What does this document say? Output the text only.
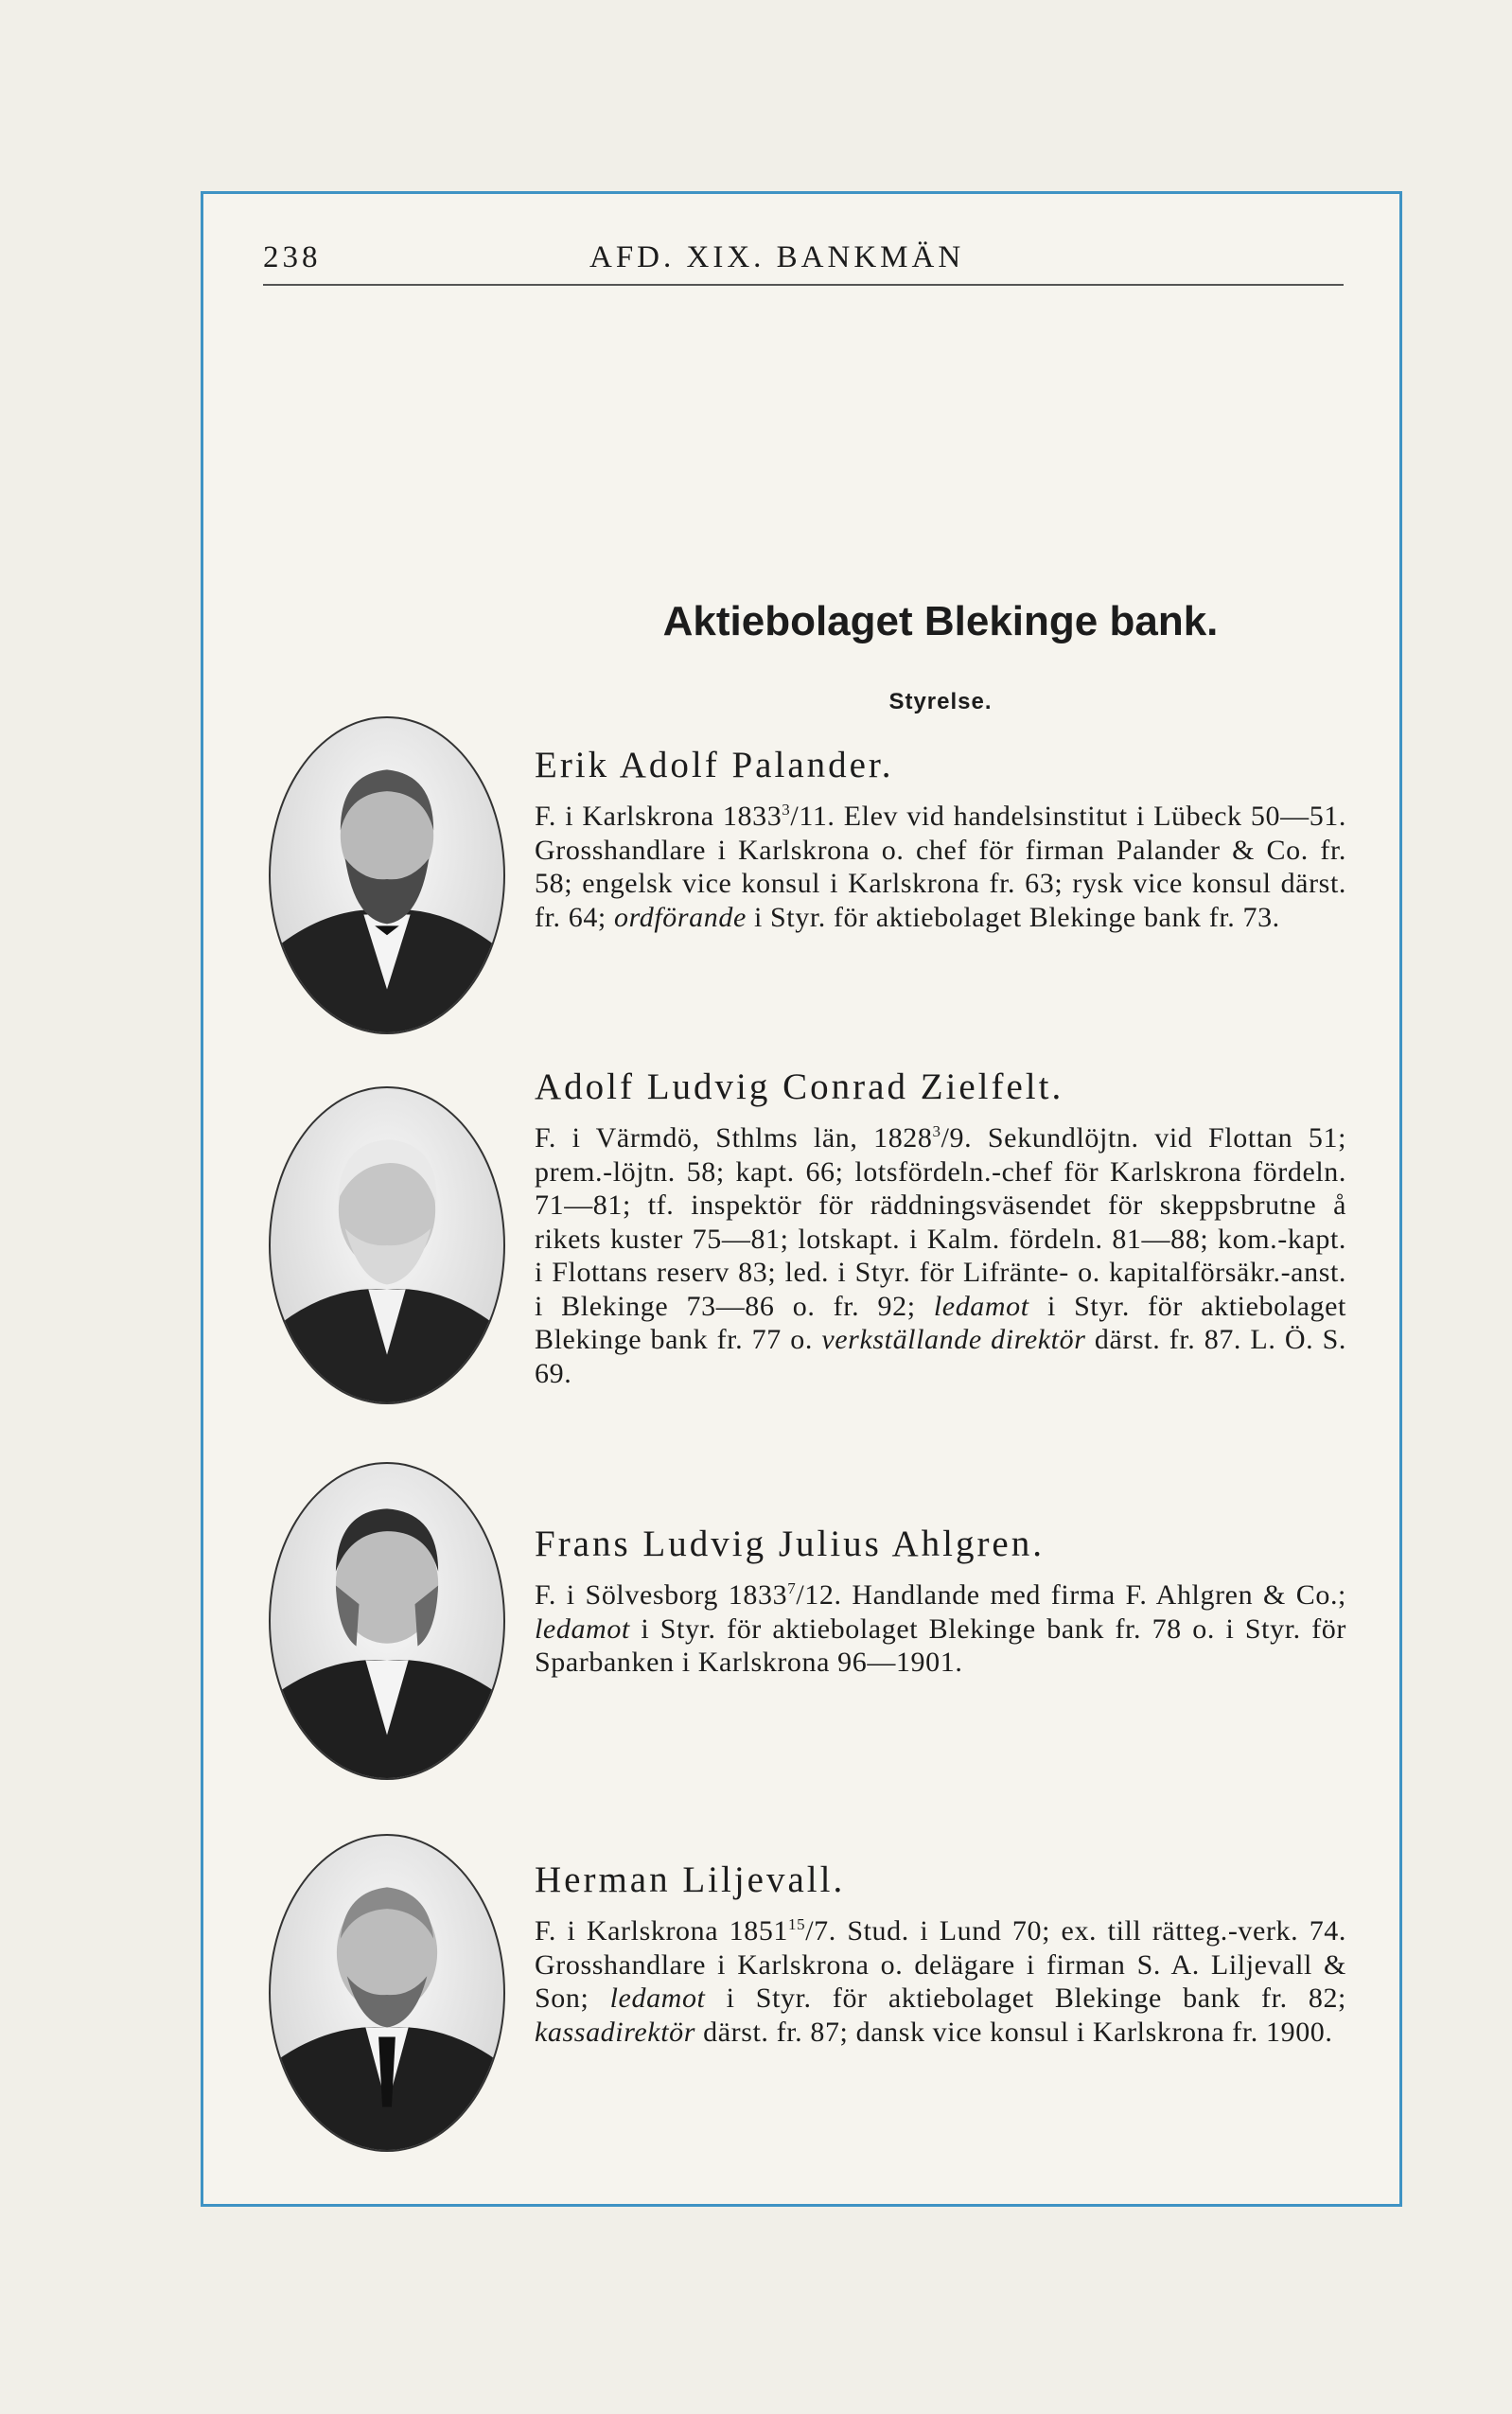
238	AFD. XIX. BANKMÄN
Aktiebolaget Blekinge bank.
Styrelse.
Erik Adolf Palander.
F. i Karlskrona 1833$^3$/11. Elev vid handelsinstitut i Lübeck 50—51. Grosshandlare i Karlskrona o. chef för firman Palander & Co. fr. 58; engelsk vice konsul i Karlskrona fr. 63; rysk vice konsul därst. fr. 64; ordförande i Styr. för aktiebolaget Blekinge bank fr. 73.
Adolf Ludvig Conrad Zielfelt.
F. i Värmdö, Sthlms län, 1828$^3$/9. Sekundlöjtn. vid Flottan 51; prem.-löjtn. 58; kapt. 66; lotsfördeln.-chef för Karlskrona fördeln. 71—81; tf. inspektör för räddningsväsendet för skeppsbrutne å rikets kuster 75—81; lotskapt. i Kalm. fördeln. 81—88; kom.-kapt. i Flottans reserv 83; led. i Styr. för Lifränte- o. kapitalförsäkr.-anst. i Blekinge 73—86 o. fr. 92; ledamot i Styr. för aktiebolaget Blekinge bank fr. 77 o. verkställande direktör därst. fr. 87. L. Ö. S. 69.
Frans Ludvig Julius Ahlgren.
F. i Sölvesborg 1833$^7$/12. Handlande med firma F. Ahlgren & Co.; ledamot i Styr. för aktiebolaget Blekinge bank fr. 78 o. i Styr. för Sparbanken i Karlskrona 96—1901.
Herman Liljevall.
F. i Karlskrona 1851$^{15}$/7. Stud. i Lund 70; ex. till rätteg.-verk. 74. Grosshandlare i Karlskrona o. delägare i firman S. A. Liljevall & Son; ledamot i Styr. för aktiebolaget Blekinge bank fr. 82; kassadirektör därst. fr. 87; dansk vice konsul i Karlskrona fr. 1900.
